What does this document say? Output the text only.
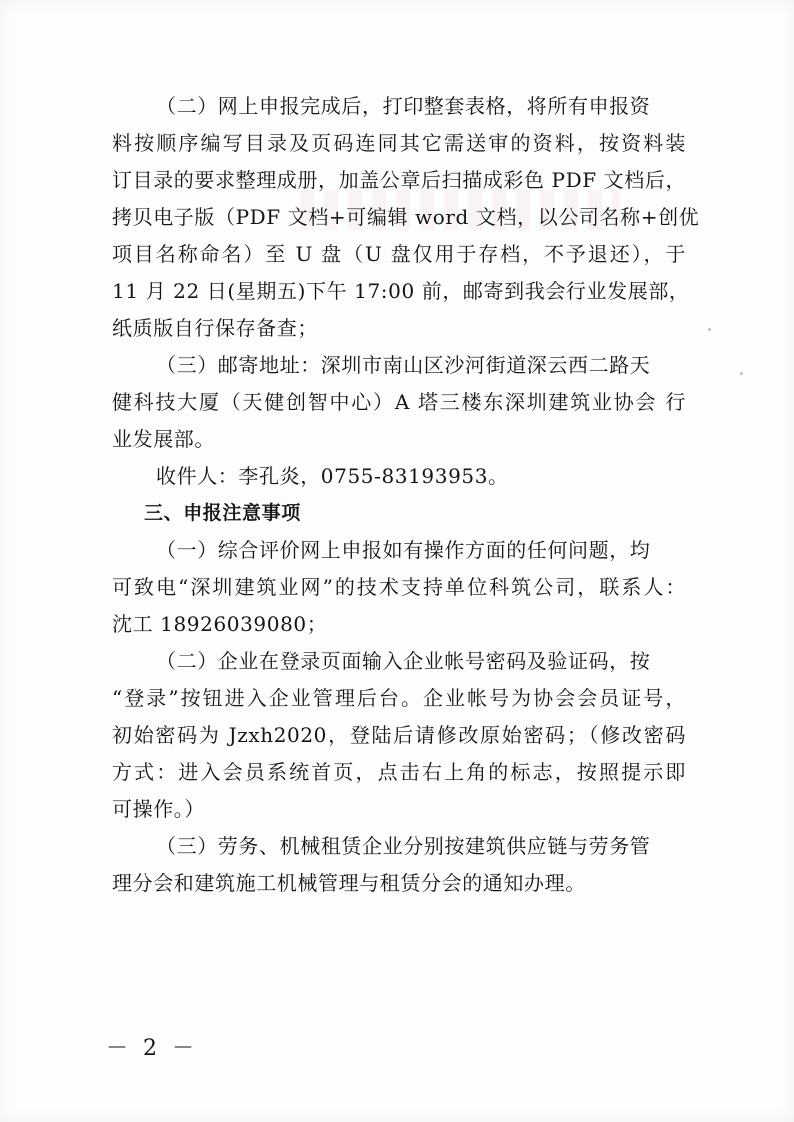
（二）网上申报完成后，打印整套表格，将所有申报资
料按顺序编写目录及页码连同其它需送审的资料，按资料装
订目录的要求整理成册，加盖公章后扫描成彩色 PDF 文档后，
拷贝电子版（PDF 文档+可编辑 word 文档，以公司名称+创优
项目名称命名）至 U 盘（U 盘仅用于存档，不予退还），于
11 月 22 日(星期五)下午 17:00 前，邮寄到我会行业发展部，
纸质版自行保存备查；
（三）邮寄地址：深圳市南山区沙河街道深云西二路天
健科技大厦（天健创智中心）A 塔三楼东深圳建筑业协会 行
业发展部。
收件人：李孔炎，0755-83193953。
三、申报注意事项
（一）综合评价网上申报如有操作方面的任何问题，均
可致电“深圳建筑业网”的技术支持单位科筑公司，联系人：
沈工 18926039080；
（二）企业在登录页面输入企业帐号密码及验证码，按
“登录”按钮进入企业管理后台。企业帐号为协会会员证号，
初始密码为 Jzxh2020，登陆后请修改原始密码；（修改密码
方式：进入会员系统首页，点击右上角的标志，按照提示即
可操作。）
（三）劳务、机械租赁企业分别按建筑供应链与劳务管
理分会和建筑施工机械管理与租赁分会的通知办理。
－ 2 －
